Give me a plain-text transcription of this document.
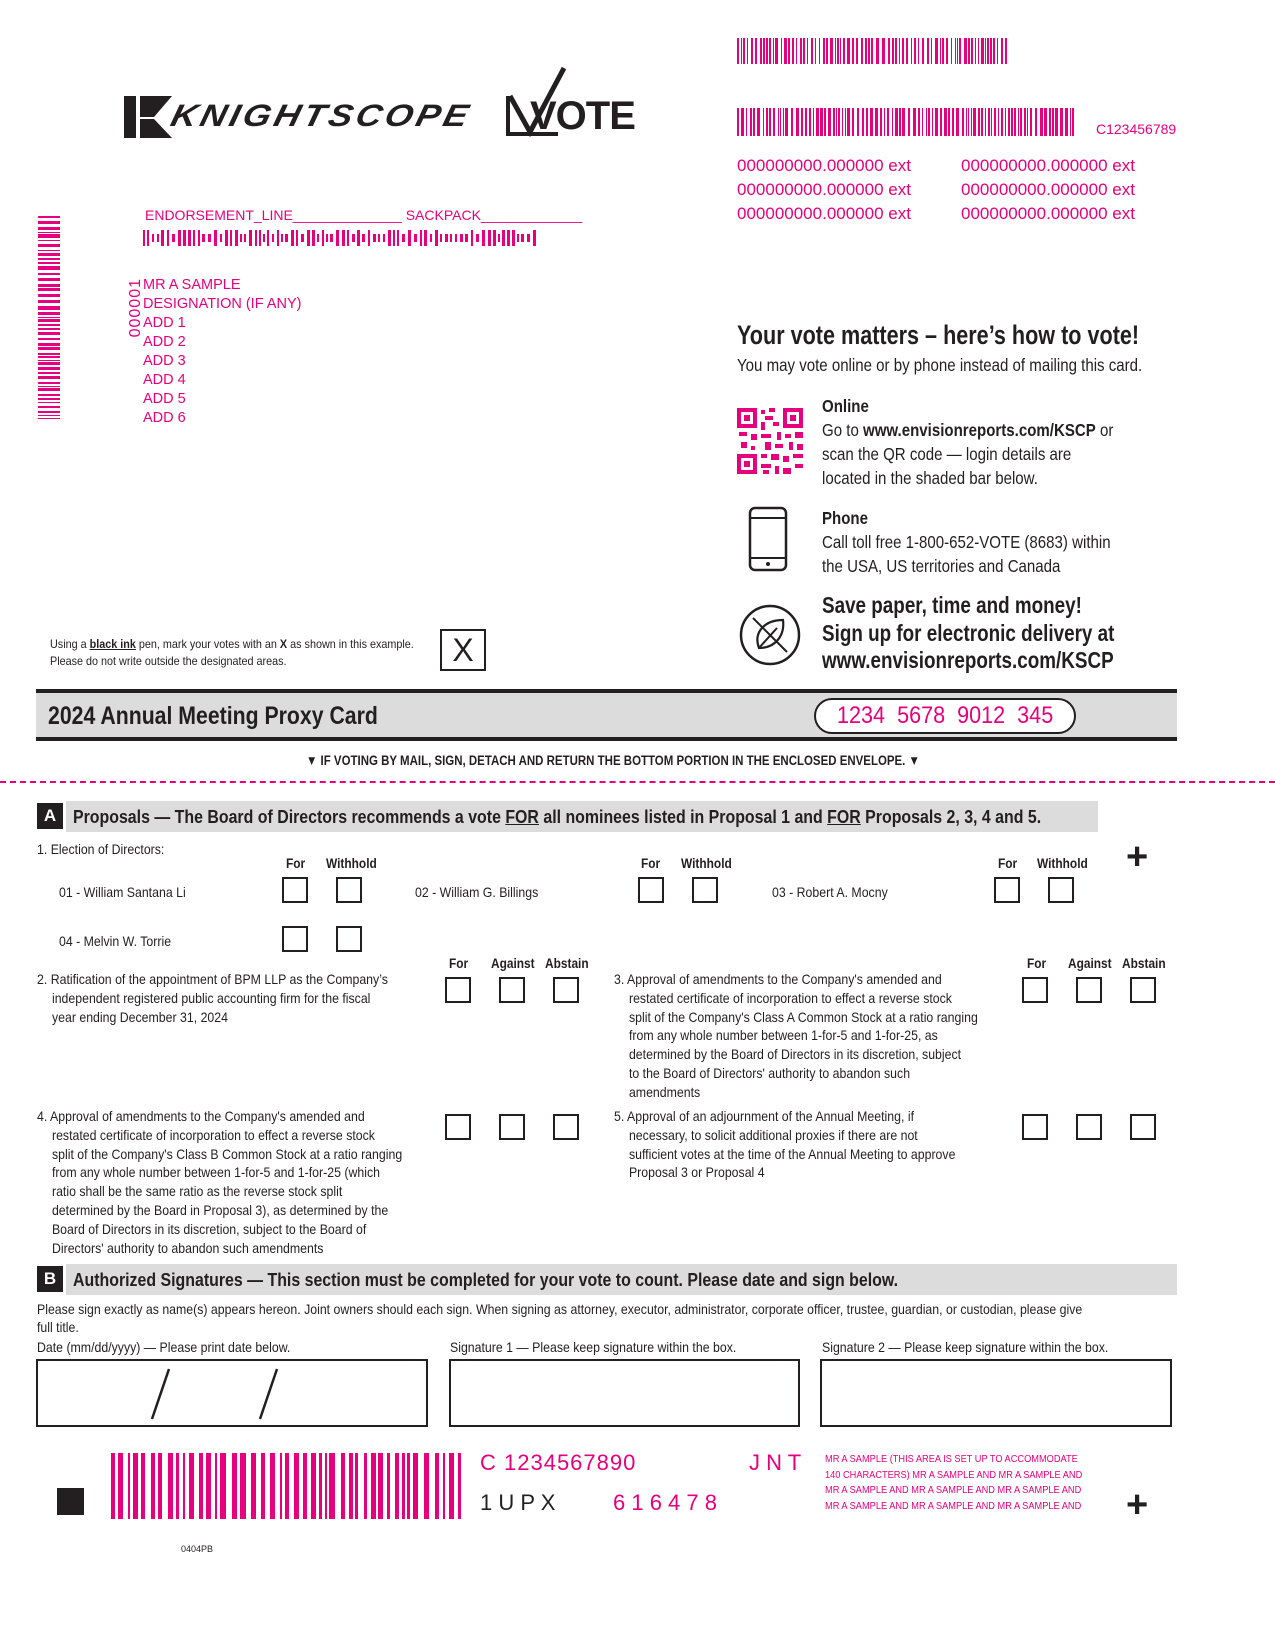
KNIGHTSCOPE VOTE	C123456789
000000000.000000 ext	000000000.000000 ext
000000000.000000 ext	000000000.000000 ext
000000000.000000 ext	000000000.000000 ext
ENDORSEMENT_LINE______________ SACKPACK_____________
000001 MR A SAMPLE
DESIGNATION (IF ANY)
ADD 1
ADD 2
ADD 3
ADD 4
ADD 5
ADD 6
Your vote matters – here’s how to vote!
You may vote online or by phone instead of mailing this card.
Online
Go to www.envisionreports.com/KSCP or
scan the QR code — login details are
located in the shaded bar below.
Phone
Call toll free 1-800-652-VOTE (8683) within
the USA, US territories and Canada
Save paper, time and money!
Sign up for electronic delivery at
www.envisionreports.com/KSCP
Using a black ink pen, mark your votes with an X as shown in this example.
Please do not write outside the designated areas.	X
2024 Annual Meeting Proxy Card	1234  5678  9012  345
▼ IF VOTING BY MAIL, SIGN, DETACH AND RETURN THE BOTTOM PORTION IN THE ENCLOSED ENVELOPE. ▼
A Proposals — The Board of Directors recommends a vote FOR all nominees listed in Proposal 1 and FOR Proposals 2, 3, 4 and 5.
+
1. Election of Directors:
For Withhold	For Withhold	For Withhold
01 - William Santana Li	02 - William G. Billings	03 - Robert A. Mocny
04 - Melvin W. Torrie
For Against Abstain	For Against Abstain
2. Ratification of the appointment of BPM LLP as the Company’s
independent registered public accounting firm for the fiscal
year ending December 31, 2024
3. Approval of amendments to the Company's amended and
restated certificate of incorporation to effect a reverse stock
split of the Company's Class A Common Stock at a ratio ranging
from any whole number between 1-for-5 and 1-for-25, as
determined by the Board of Directors in its discretion, subject
to the Board of Directors' authority to abandon such
amendments
4. Approval of amendments to the Company's amended and
restated certificate of incorporation to effect a reverse stock
split of the Company's Class B Common Stock at a ratio ranging
from any whole number between 1-for-5 and 1-for-25 (which
ratio shall be the same ratio as the reverse stock split
determined by the Board in Proposal 3), as determined by the
Board of Directors in its discretion, subject to the Board of
Directors' authority to abandon such amendments
5. Approval of an adjournment of the Annual Meeting, if
necessary, to solicit additional proxies if there are not
sufficient votes at the time of the Annual Meeting to approve
Proposal 3 or Proposal 4
B Authorized Signatures — This section must be completed for your vote to count. Please date and sign below.
Please sign exactly as name(s) appears hereon. Joint owners should each sign. When signing as attorney, executor, administrator, corporate officer, trustee, guardian, or custodian, please give
full title.
Date (mm/dd/yyyy) — Please print date below.	Signature 1 — Please keep signature within the box.	Signature 2 — Please keep signature within the box.
C 1234567890	J N T
1 U P X	6 1 6 4 7 8
MR A SAMPLE (THIS AREA IS SET UP TO ACCOMMODATE
140 CHARACTERS) MR A SAMPLE AND MR A SAMPLE AND
MR A SAMPLE AND MR A SAMPLE AND MR A SAMPLE AND
MR A SAMPLE AND MR A SAMPLE AND MR A SAMPLE AND +
0404PB
